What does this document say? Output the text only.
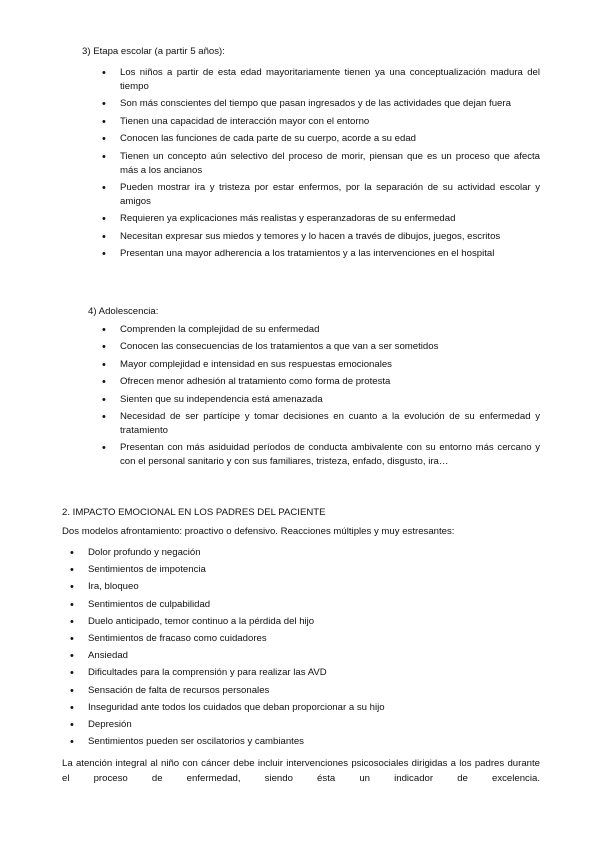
3) Etapa escolar (a partir 5 años):
• Los niños a partir de esta edad mayoritariamente tienen ya una conceptualización madura del tiempo
• Son más conscientes del tiempo que pasan ingresados y de las actividades que dejan fuera
• Tienen una capacidad de interacción mayor con el entorno
• Conocen las funciones de cada parte de su cuerpo, acorde a su edad
• Tienen un concepto aún selectivo del proceso de morir, piensan que es un proceso que afecta más a los ancianos
• Pueden mostrar ira y tristeza por estar enfermos, por la separación de su actividad escolar y amigos
• Requieren ya explicaciones más realistas y esperanzadoras de su enfermedad
• Necesitan expresar sus miedos y temores y lo hacen a través de dibujos, juegos, escritos
• Presentan una mayor adherencia a los tratamientos y a las intervenciones en el hospital
4) Adolescencia:
• Comprenden la complejidad de su enfermedad
• Conocen las consecuencias de los tratamientos a que van a ser sometidos
• Mayor complejidad e intensidad en sus respuestas emocionales
• Ofrecen menor adhesión al tratamiento como forma de protesta
• Sienten que su independencia está amenazada
• Necesidad de ser partícipe y tomar decisiones en cuanto a la evolución de su enfermedad y tratamiento
• Presentan con más asiduidad períodos de conducta ambivalente con su entorno más cercano y con el personal sanitario y con sus familiares, tristeza, enfado, disgusto, ira…
2. IMPACTO EMOCIONAL EN LOS PADRES DEL PACIENTE
Dos modelos afrontamiento: proactivo o defensivo. Reacciones múltiples y muy estresantes:
• Dolor profundo y negación
• Sentimientos de impotencia
• Ira, bloqueo
• Sentimientos de culpabilidad
• Duelo anticipado, temor continuo a la pérdida del hijo
• Sentimientos de fracaso como cuidadores
• Ansiedad
• Dificultades para la comprensión y para realizar las AVD
• Sensación de falta de recursos personales
• Inseguridad ante todos los cuidados que deban proporcionar a su hijo
• Depresión
• Sentimientos pueden ser oscilatorios y cambiantes
La atención integral al niño con cáncer debe incluir intervenciones psicosociales dirigidas a los padres durante el proceso de enfermedad, siendo ésta un indicador de excelencia.
